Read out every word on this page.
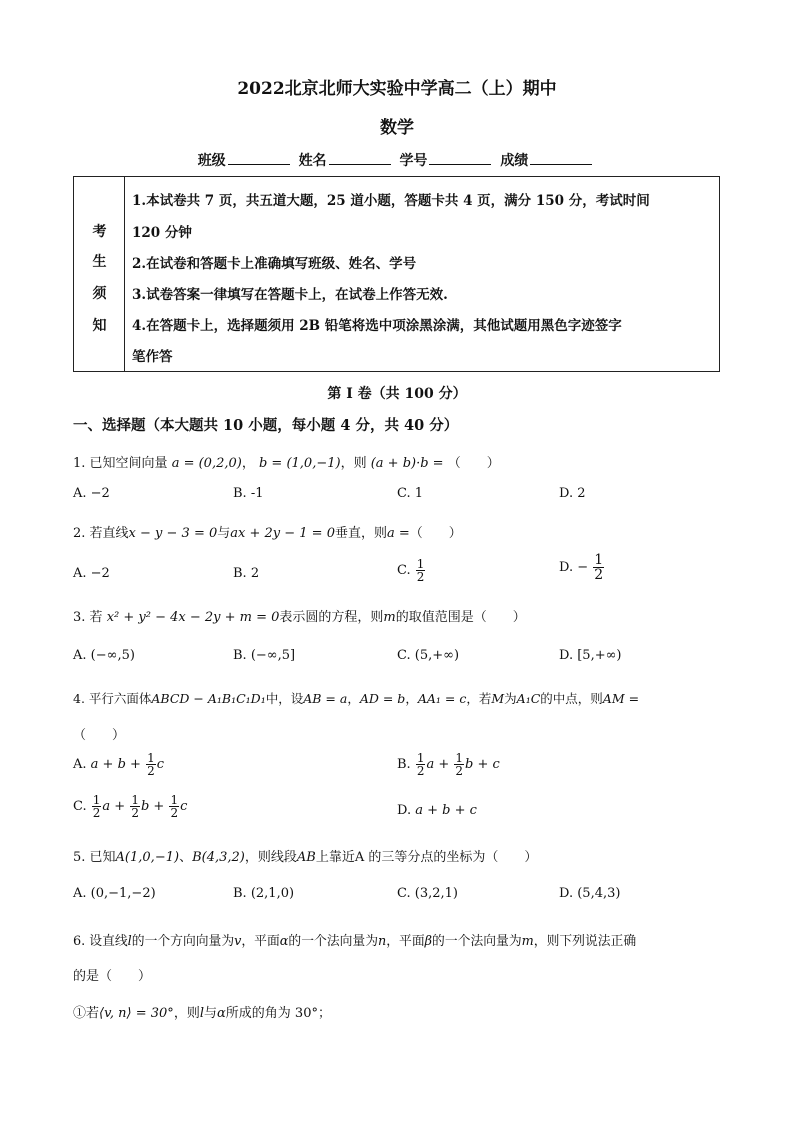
2022北京北师大实验中学高二（上）期中
数学
班级	姓名	学号	成绩
考
生
须
知
1.本试卷共 7 页，共五道大题，25 道小题，答题卡共 4 页，满分 150 分，考试时间
120 分钟
2.在试卷和答题卡上准确填写班级、姓名、学号
3.试卷答案一律填写在答题卡上，在试卷上作答无效.
4.在答题卡上，选择题须用 2B 铅笔将选中项涂黑涂满，其他试题用黑色字迹签字
笔作答
第 I 卷（共 100 分）
一、选择题（本大题共 10 小题，每小题 4 分，共 40 分）
1. 已知空间向量 a = (0,2,0)， b = (1,0,−1)，则 (a + b)·b = （　　）
A. −2	B. -1	C. 1	D. 2
2. 若直线x − y − 3 = 0与ax + 2y − 1 = 0垂直，则a =（　　）
A. −2	B. 2	C. $\frac{1}{2}$	D. − $\frac{1}{2}$
3. 若 x² + y² − 4x − 2y + m = 0表示圆的方程，则m的取值范围是（　　）
A. (−∞,5)	B. (−∞,5]	C. (5,+∞)	D. [5,+∞)
4. 平行六面体ABCD − A₁B₁C₁D₁中，设AB = a，AD = b，AA₁ = c，若M为A₁C的中点，则AM =
（　　）
A. $a + b + \frac{1}{2}$ c	B. $\frac{1}{2}$ $a + \frac{1}{2}$ b + c
C. $\frac{1}{2}$ $a + \frac{1}{2}$ $b + \frac{1}{2}$ c	D. a + b + c
5. 已知A(1,0,−1)、B(4,3,2)，则线段AB上靠近A 的三等分点的坐标为（　　）
A. (0,−1,−2)	B. (2,1,0)	C. (3,2,1)	D. (5,4,3)
6. 设直线l的一个方向向量为v，平面α的一个法向量为n，平面β的一个法向量为m，则下列说法正确
的是（　　）
①若⟨v, n⟩ = 30°，则l与α所成的角为 30°；
